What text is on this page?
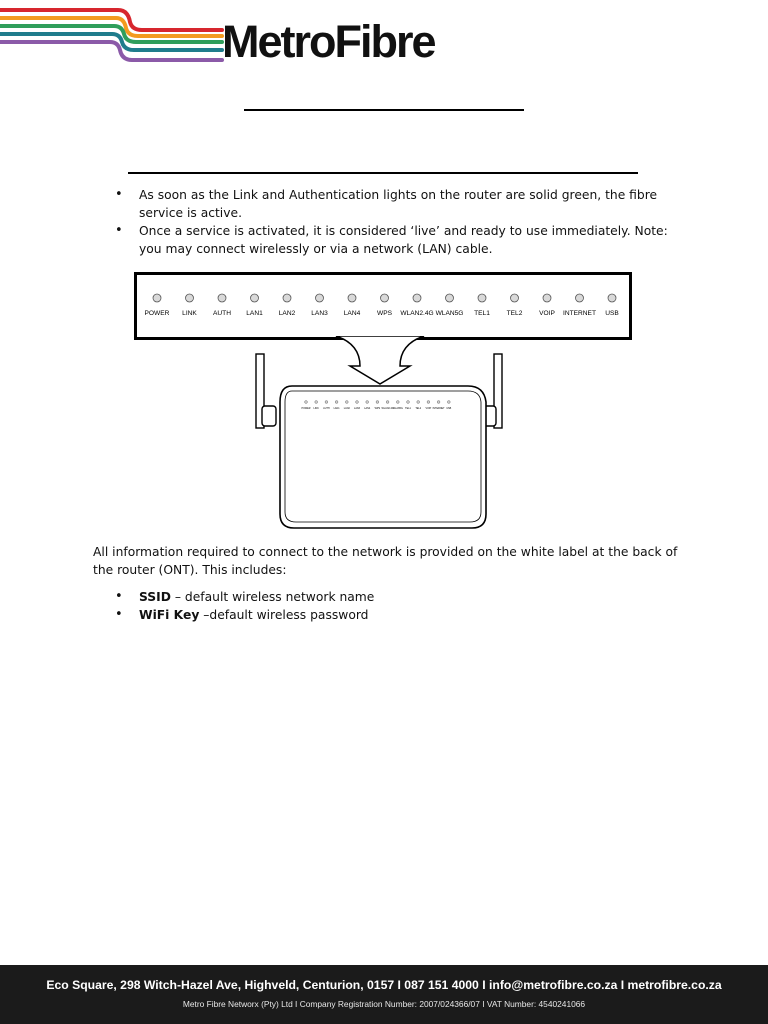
MetroFibre
• As soon as the Link and Authentication lights on the router are solid green, the fibre service is active.
• Once a service is activated, it is considered ‘live’ and ready to use immediately. Note: you may connect wirelessly or via a network (LAN) cable.
POWER LINK AUTH LAN1 LAN2 LAN3 LAN4	WPS WLAN2.4G WLAN5G TEL1	TEL2	VOIP INTERNET USB
POWER LINK AUTH LAN1 LAN2 LAN3 LAN4 WPS WLAN2.4G WLAN5G TEL1 TEL2 VOIP INTERNET USB
All information required to connect to the network is provided on the white label at the back of the router (ONT). This includes:
• SSID – default wireless network name
• WiFi Key –default wireless password
Eco Square, 298 Witch-Hazel Ave, Highveld, Centurion, 0157 I 087 151 4000 I info@metrofibre.co.za I metrofibre.co.za
Metro Fibre Networx (Pty) Ltd I Company Registration Number: 2007/024366/07 I VAT Number: 4540241066
